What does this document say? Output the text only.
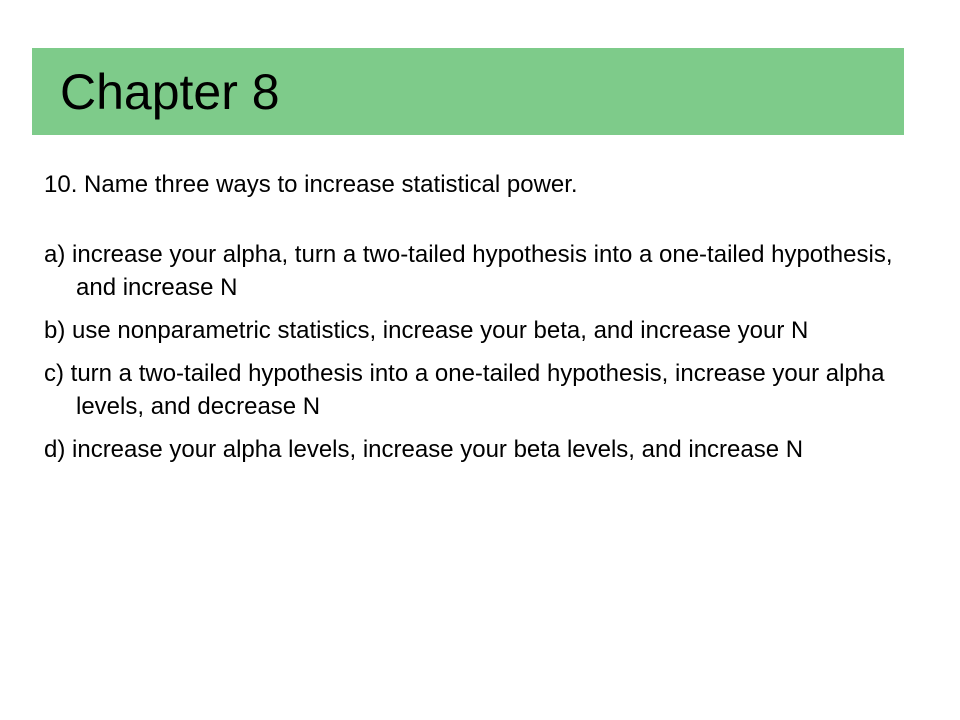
Chapter 8

10. Name three ways to increase statistical power.

a) increase your alpha, turn a two-tailed hypothesis into a one-tailed hypothesis, and increase N

b) use nonparametric statistics, increase your beta, and increase your N

c) turn a two-tailed hypothesis into a one-tailed hypothesis, increase your alpha levels, and decrease N

d) increase your alpha levels, increase your beta levels, and increase N
